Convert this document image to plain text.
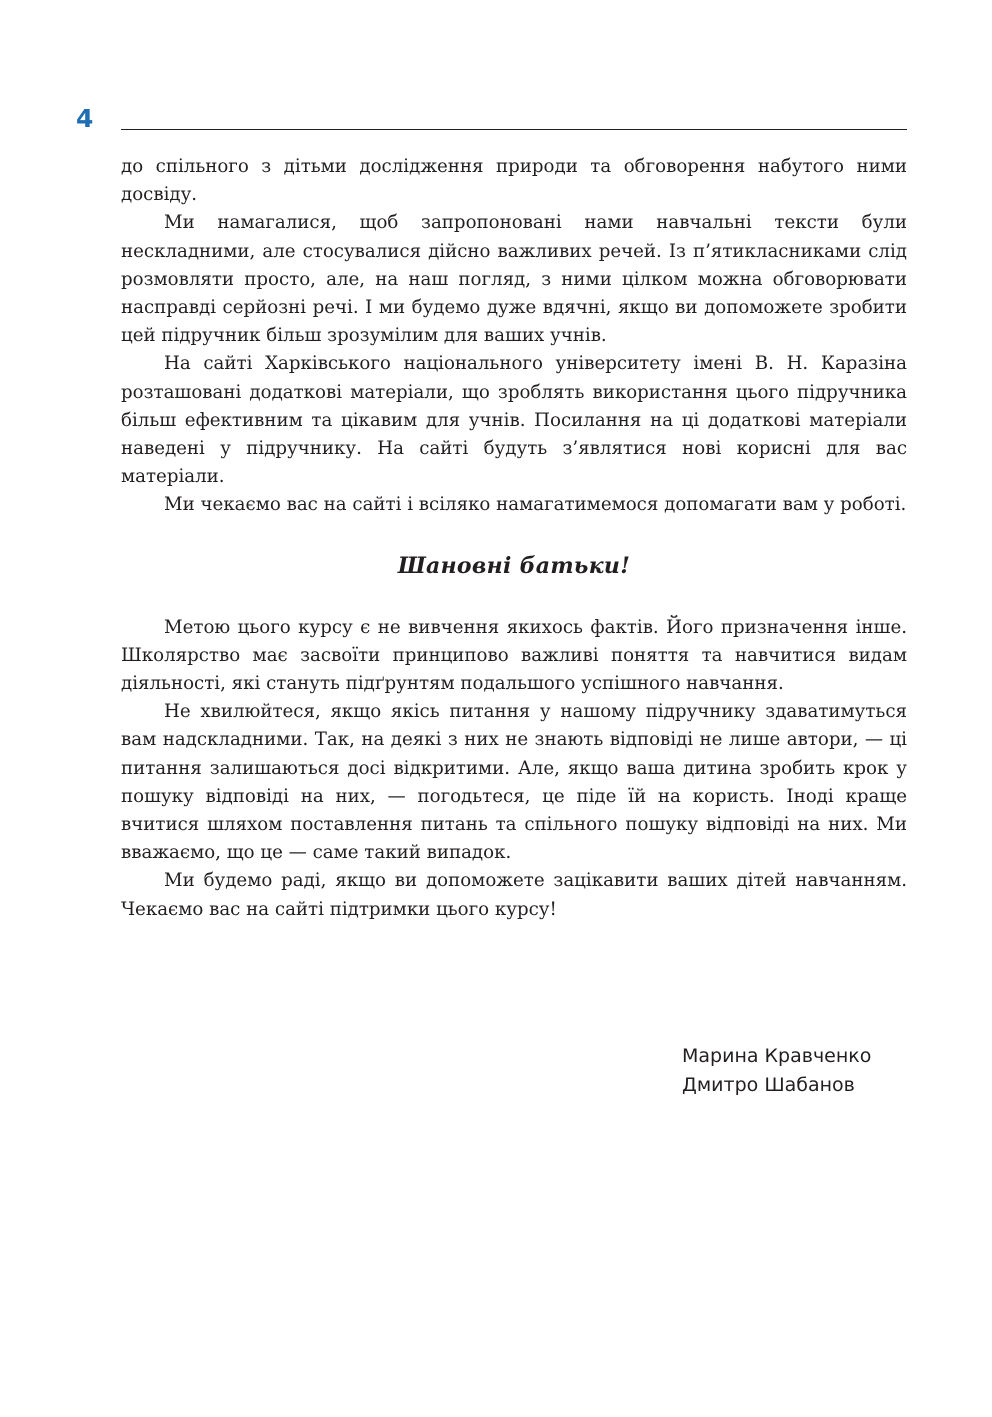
4

до спільного з дітьми дослідження природи та обговорення набутого ними досвіду.

Ми намагалися, щоб запропоновані нами навчальні тексти були нескладними, але стосувалися дійсно важливих речей. Із п’ятикласниками слід розмовляти просто, але, на наш погляд, з ними цілком можна обговорювати насправді серйозні речі. І ми будемо дуже вдячні, якщо ви допоможете зробити цей підручник більш зрозумілим для ваших учнів.

На сайті Харківського національного університету імені В. Н. Каразіна розташовані додаткові матеріали, що зроблять використання цього підручника більш ефективним та цікавим для учнів. Посилання на ці додаткові матеріали наведені у підручнику. На сайті будуть з’являтися нові корисні для вас матеріали.

Ми чекаємо вас на сайті і всіляко намагатимемося допомагати вам у роботі.

Шановні батьки!

Метою цього курсу є не вивчення якихось фактів. Його призначення інше. Школярство має засвоїти принципово важливі поняття та навчитися видам діяльності, які стануть підґрунтям подальшого успішного навчання.

Не хвилюйтеся, якщо якісь питання у нашому підручнику здаватимуться вам надскладними. Так, на деякі з них не знають відповіді не лише автори, — ці питання залишаються досі відкритими. Але, якщо ваша дитина зробить крок у пошуку відповіді на них, — погодьтеся, це піде їй на користь. Іноді краще вчитися шляхом поставлення питань та спільного пошуку відповіді на них. Ми вважаємо, що це — саме такий випадок.

Ми будемо раді, якщо ви допоможете зацікавити ваших дітей навчанням. Чекаємо вас на сайті підтримки цього курсу!

Марина Кравченко
Дмитро Шабанов
